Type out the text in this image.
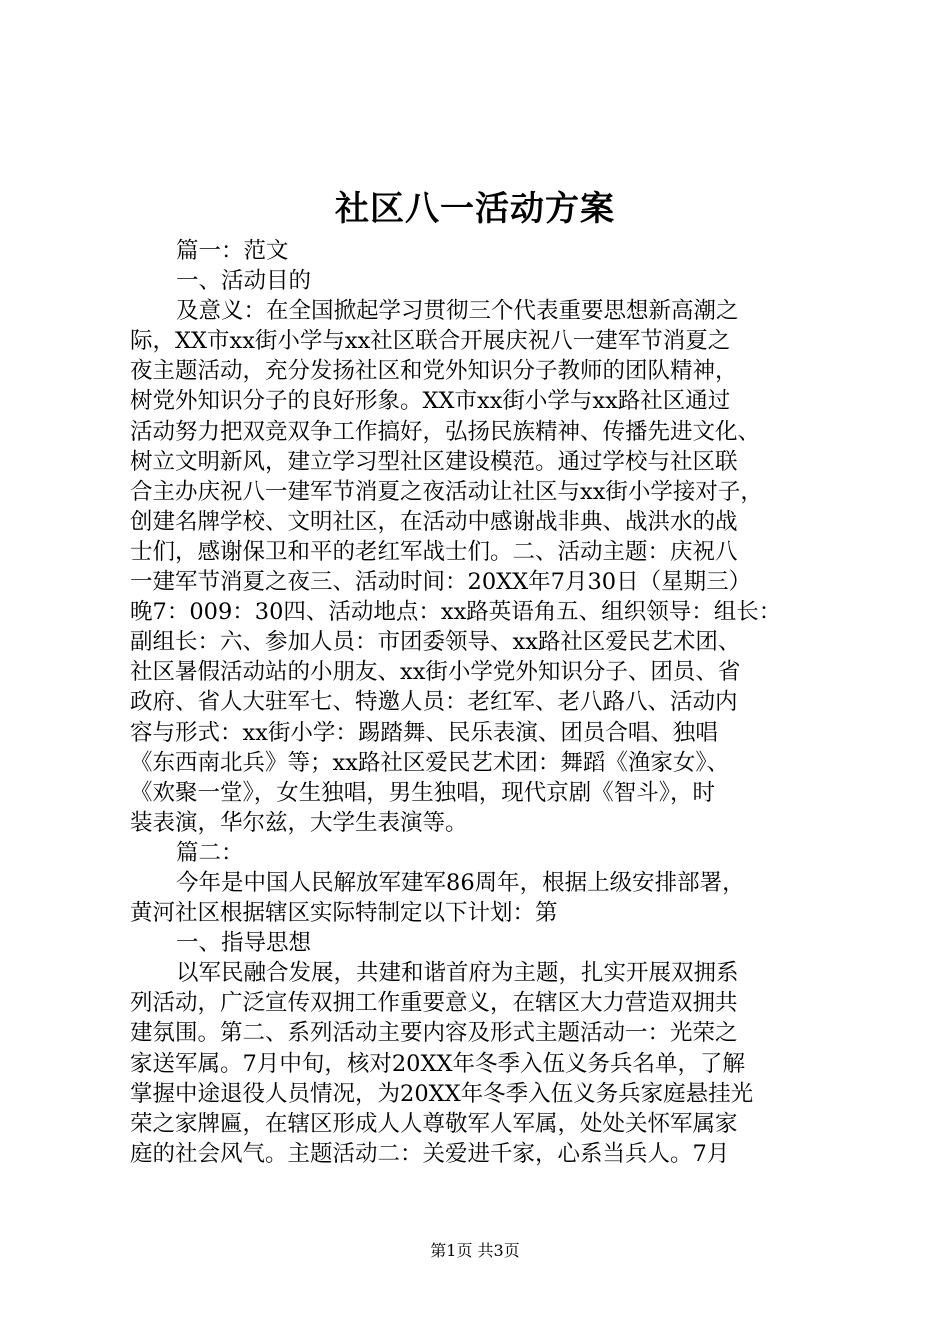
社区八一活动方案
篇一：范文
一、活动目的
及意义：在全国掀起学习贯彻三个代表重要思想新高潮之
际，XX市xx街小学与xx社区联合开展庆祝八一建军节消夏之
夜主题活动，充分发扬社区和党外知识分子教师的团队精神，
树党外知识分子的良好形象。XX市xx街小学与xx路社区通过
活动努力把双竞双争工作搞好，弘扬民族精神、传播先进文化、
树立文明新风，建立学习型社区建设模范。通过学校与社区联
合主办庆祝八一建军节消夏之夜活动让社区与xx街小学接对子，
创建名牌学校、文明社区，在活动中感谢战非典、战洪水的战
士们，感谢保卫和平的老红军战士们。二、活动主题：庆祝八
一建军节消夏之夜三、活动时间：20XX年7月30日（星期三）
晚7：009：30四、活动地点：xx路英语角五、组织领导：组长：
副组长：六、参加人员：市团委领导、xx路社区爱民艺术团、
社区暑假活动站的小朋友、xx街小学党外知识分子、团员、省
政府、省人大驻军七、特邀人员：老红军、老八路八、活动内
容与形式：xx街小学：踢踏舞、民乐表演、团员合唱、独唱
《东西南北兵》等；xx路社区爱民艺术团：舞蹈《渔家女》、
《欢聚一堂》，女生独唱，男生独唱，现代京剧《智斗》，时
装表演，华尔兹，大学生表演等。
篇二：
今年是中国人民解放军建军86周年，根据上级安排部署，
黄河社区根据辖区实际特制定以下计划：第
一、指导思想
以军民融合发展，共建和谐首府为主题，扎实开展双拥系
列活动，广泛宣传双拥工作重要意义，在辖区大力营造双拥共
建氛围。第二、系列活动主要内容及形式主题活动一：光荣之
家送军属。7月中旬，核对20XX年冬季入伍义务兵名单，了解
掌握中途退役人员情况，为20XX年冬季入伍义务兵家庭悬挂光
荣之家牌匾，在辖区形成人人尊敬军人军属，处处关怀军属家
庭的社会风气。主题活动二：关爱进千家，心系当兵人。7月
第1页 共3页
